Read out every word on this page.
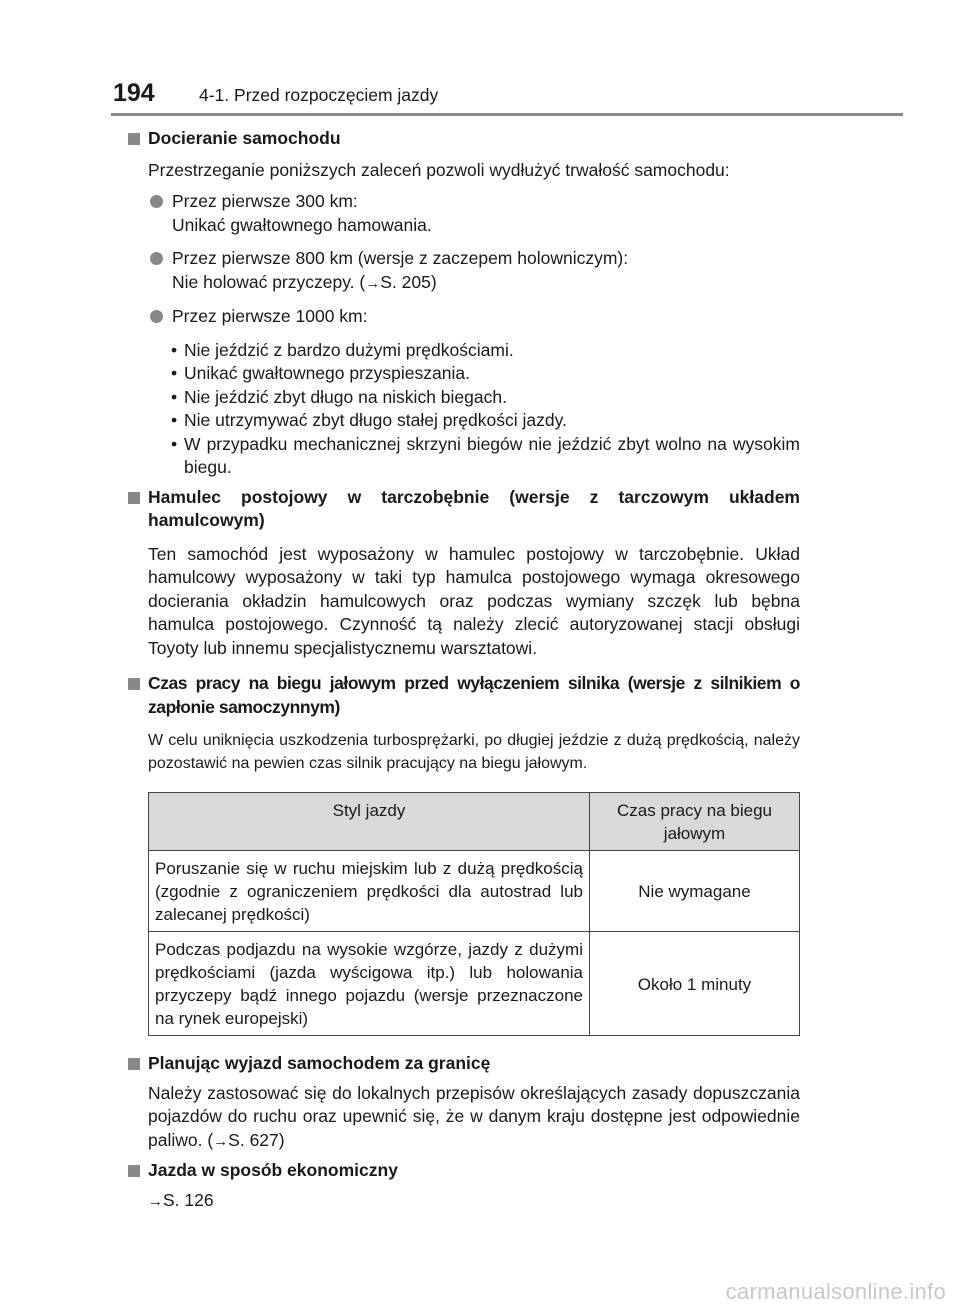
194	4-1. Przed rozpoczęciem jazdy
Docieranie samochodu
Przestrzeganie poniższych zaleceń pozwoli wydłużyć trwałość samochodu:
Przez pierwsze 300 km:
Unikać gwałtownego hamowania.
Przez pierwsze 800 km (wersje z zaczepem holowniczym):
Nie holować przyczepy. (→S. 205)
Przez pierwsze 1000 km:
• Nie jeździć z bardzo dużymi prędkościami.
• Unikać gwałtownego przyspieszania.
• Nie jeździć zbyt długo na niskich biegach.
• Nie utrzymywać zbyt długo stałej prędkości jazdy.
• W przypadku mechanicznej skrzyni biegów nie jeździć zbyt wolno na wysokim biegu.
Hamulec postojowy w tarczobębnie (wersje z tarczowym układem hamulcowym)
Ten samochód jest wyposażony w hamulec postojowy w tarczobębnie. Układ hamulcowy wyposażony w taki typ hamulca postojowego wymaga okresowego docierania okładzin hamulcowych oraz podczas wymiany szczęk lub bębna hamulca postojowego. Czynność tą należy zlecić autoryzowanej stacji obsługi Toyoty lub innemu specjalistycznemu warsztatowi.
Czas pracy na biegu jałowym przed wyłączeniem silnika (wersje z silnikiem o zapłonie samoczynnym)
W celu uniknięcia uszkodzenia turbosprężarki, po długiej jeździe z dużą prędkością, należy pozostawić na pewien czas silnik pracujący na biegu jałowym.
Styl jazdy	Czas pracy na biegu jałowym
Poruszanie się w ruchu miejskim lub z dużą prędkością (zgodnie z ograniczeniem prędkości dla autostrad lub zalecanej prędkości)	Nie wymagane
Podczas podjazdu na wysokie wzgórze, jazdy z dużymi prędkościami (jazda wyścigowa itp.) lub holowania przyczepy bądź innego pojazdu (wersje przeznaczone na rynek europejski)	Około 1 minuty
Planując wyjazd samochodem za granicę
Należy zastosować się do lokalnych przepisów określających zasady dopuszczania pojazdów do ruchu oraz upewnić się, że w danym kraju dostępne jest odpowiednie paliwo. (→S. 627)
Jazda w sposób ekonomiczny
→S. 126
carmanualsonline.info
